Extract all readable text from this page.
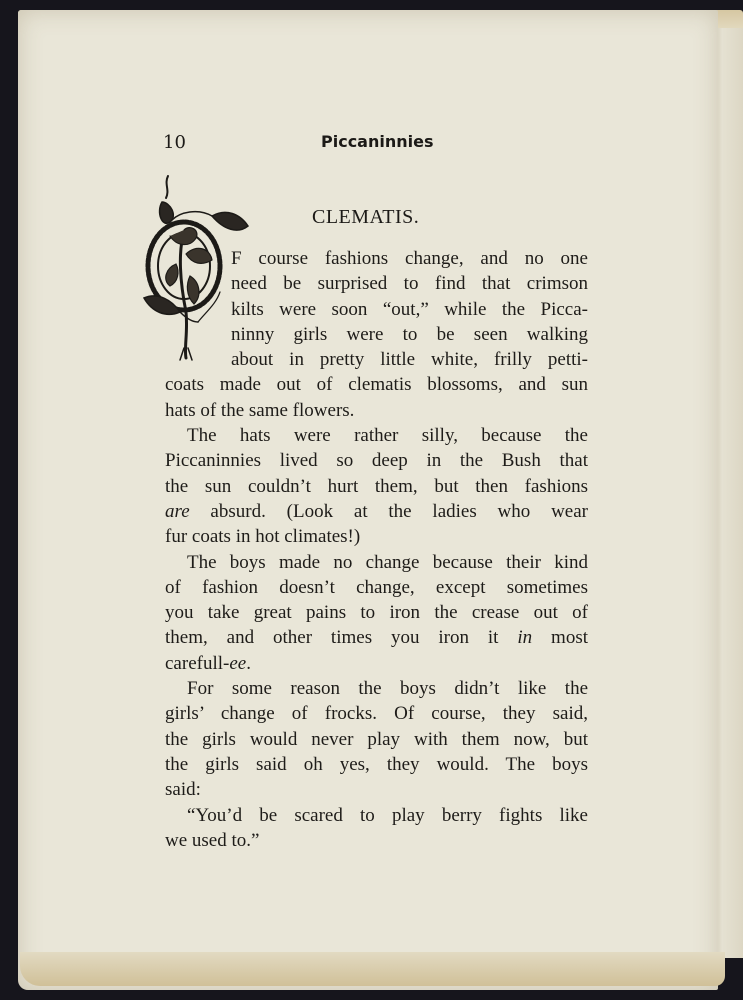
10	Piccaninnies
CLEMATIS.
F course fashions change, and no one
need be surprised to find that crimson
kilts were soon “out,” while the Picca-
ninny girls were to be seen walking
about in pretty little white, frilly petti-
coats made out of clematis blossoms, and sun
hats of the same flowers.
The hats were rather silly, because the
Piccaninnies lived so deep in the Bush that
the sun couldn’t hurt them, but then fashions
are absurd. (Look at the ladies who wear
fur coats in hot climates!)
The boys made no change because their kind
of fashion doesn’t change, except sometimes
you take great pains to iron the crease out of
them, and other times you iron it in most
carefull-ee.
For some reason the boys didn’t like the
girls’ change of frocks. Of course, they said,
the girls would never play with them now, but
the girls said oh yes, they would. The boys
said:
“You’d be scared to play berry fights like
we used to.”
